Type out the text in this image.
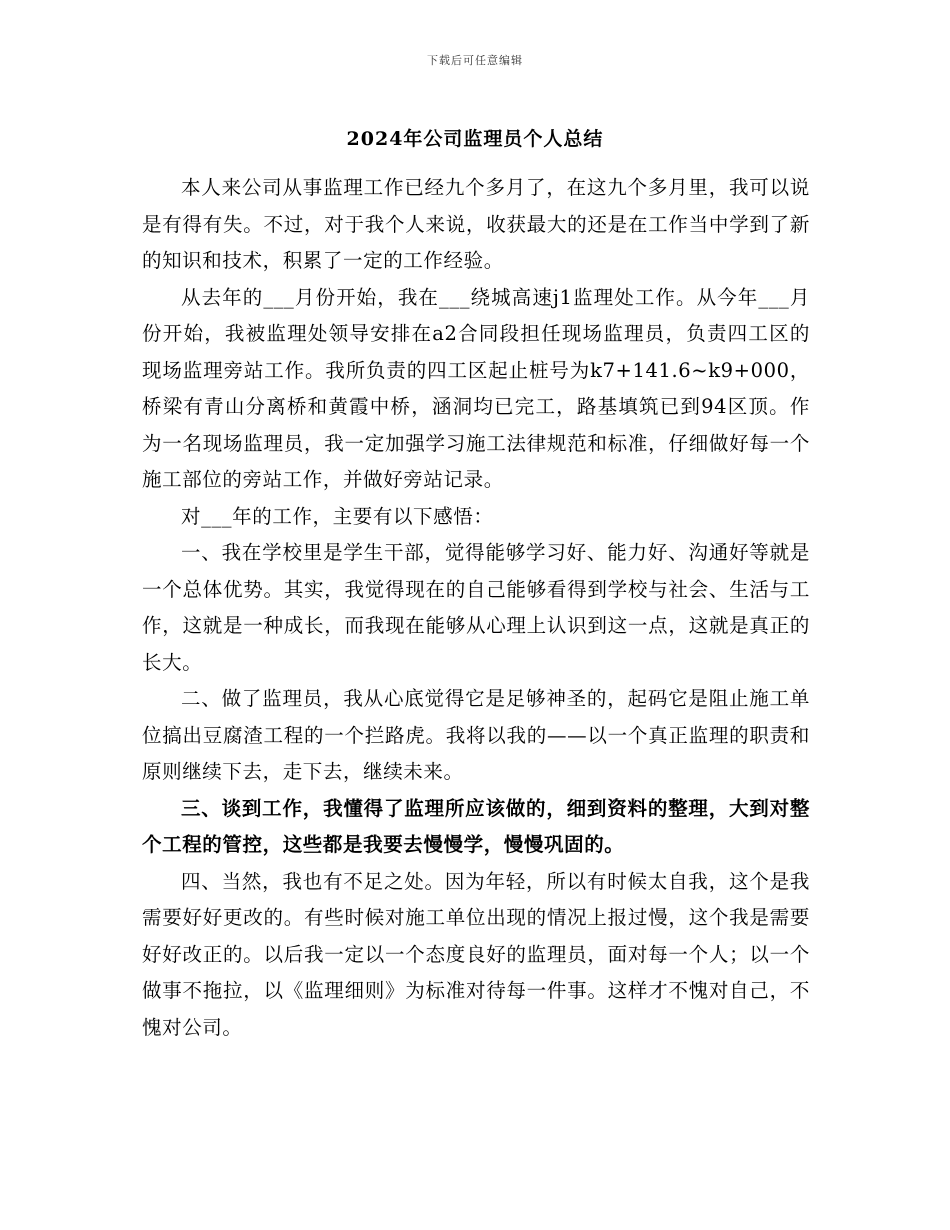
下载后可任意编辑
2024年公司监理员个人总结

本人来公司从事监理工作已经九个多月了，在这九个多月里，我可以说是有得有失。不过，对于我个人来说，收获最大的还是在工作当中学到了新的知识和技术，积累了一定的工作经验。

从去年的___月份开始，我在___绕城高速j1监理处工作。从今年___月份开始，我被监理处领导安排在a2合同段担任现场监理员，负责四工区的现场监理旁站工作。我所负责的四工区起止桩号为k7+141.6~k9+000，桥梁有青山分离桥和黄霞中桥，涵洞均已完工，路基填筑已到94区顶。作为一名现场监理员，我一定加强学习施工法律规范和标准，仔细做好每一个施工部位的旁站工作，并做好旁站记录。

对___年的工作，主要有以下感悟：

一、我在学校里是学生干部，觉得能够学习好、能力好、沟通好等就是一个总体优势。其实，我觉得现在的自己能够看得到学校与社会、生活与工作，这就是一种成长，而我现在能够从心理上认识到这一点，这就是真正的长大。

二、做了监理员，我从心底觉得它是足够神圣的，起码它是阻止施工单位搞出豆腐渣工程的一个拦路虎。我将以我的——以一个真正监理的职责和原则继续下去，走下去，继续未来。

三、谈到工作，我懂得了监理所应该做的，细到资料的整理，大到对整个工程的管控，这些都是我要去慢慢学，慢慢巩固的。

四、当然，我也有不足之处。因为年轻，所以有时候太自我，这个是我需要好好更改的。有些时候对施工单位出现的情况上报过慢，这个我是需要好好改正的。以后我一定以一个态度良好的监理员，面对每一个人；以一个做事不拖拉，以《监理细则》为标准对待每一件事。这样才不愧对自己，不愧对公司。
